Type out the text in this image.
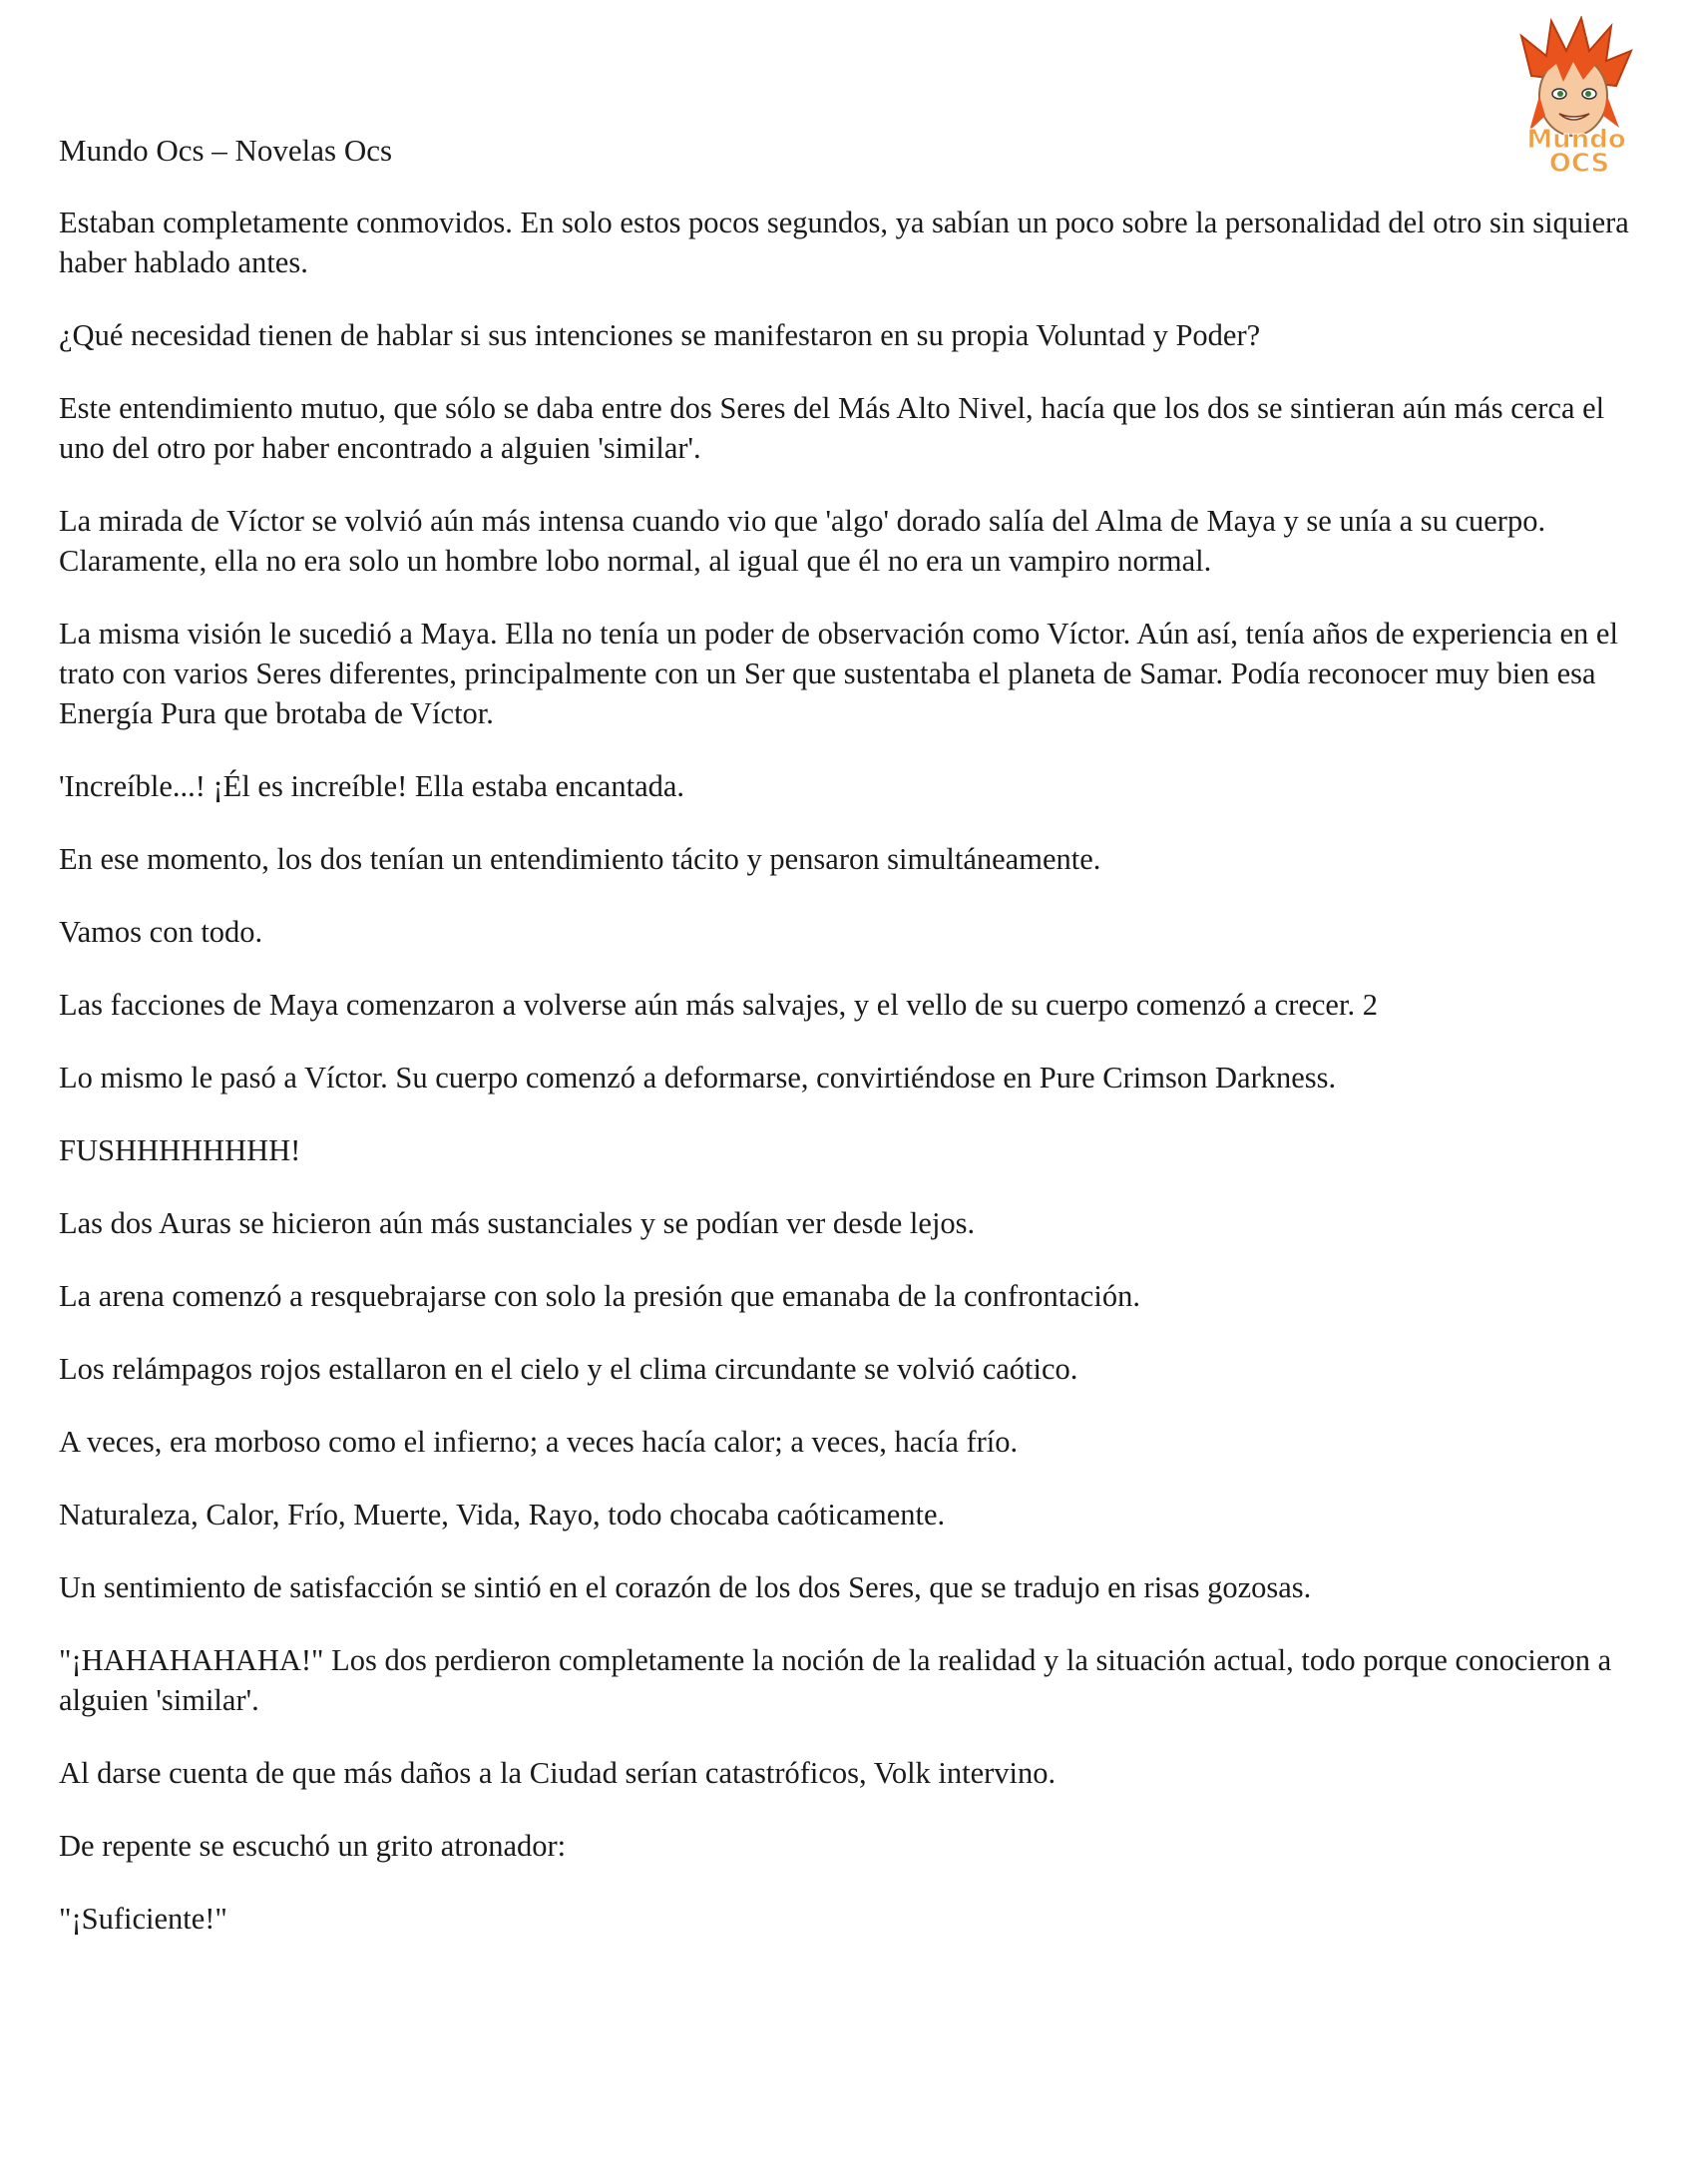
Mundo
OCS

Mundo Ocs – Novelas Ocs

Estaban completamente conmovidos. En solo estos pocos segundos, ya sabían un poco sobre la personalidad del otro sin siquiera haber hablado antes.

¿Qué necesidad tienen de hablar si sus intenciones se manifestaron en su propia Voluntad y Poder?

Este entendimiento mutuo, que sólo se daba entre dos Seres del Más Alto Nivel, hacía que los dos se sintieran aún más cerca el uno del otro por haber encontrado a alguien 'similar'.

La mirada de Víctor se volvió aún más intensa cuando vio que 'algo' dorado salía del Alma de Maya y se unía a su cuerpo. Claramente, ella no era solo un hombre lobo normal, al igual que él no era un vampiro normal.

La misma visión le sucedió a Maya. Ella no tenía un poder de observación como Víctor. Aún así, tenía años de experiencia en el trato con varios Seres diferentes, principalmente con un Ser que sustentaba el planeta de Samar. Podía reconocer muy bien esa Energía Pura que brotaba de Víctor.

'Increíble...! ¡Él es increíble! Ella estaba encantada.

En ese momento, los dos tenían un entendimiento tácito y pensaron simultáneamente.

Vamos con todo.

Las facciones de Maya comenzaron a volverse aún más salvajes, y el vello de su cuerpo comenzó a crecer. 2

Lo mismo le pasó a Víctor. Su cuerpo comenzó a deformarse, convirtiéndose en Pure Crimson Darkness.

FUSHHHHHHHH!

Las dos Auras se hicieron aún más sustanciales y se podían ver desde lejos.

La arena comenzó a resquebrajarse con solo la presión que emanaba de la confrontación.

Los relámpagos rojos estallaron en el cielo y el clima circundante se volvió caótico.

A veces, era morboso como el infierno; a veces hacía calor; a veces, hacía frío.

Naturaleza, Calor, Frío, Muerte, Vida, Rayo, todo chocaba caóticamente.

Un sentimiento de satisfacción se sintió en el corazón de los dos Seres, que se tradujo en risas gozosas.

"¡HAHAHAHAHA!" Los dos perdieron completamente la noción de la realidad y la situación actual, todo porque conocieron a alguien 'similar'.

Al darse cuenta de que más daños a la Ciudad serían catastróficos, Volk intervino.

De repente se escuchó un grito atronador:

"¡Suficiente!"
